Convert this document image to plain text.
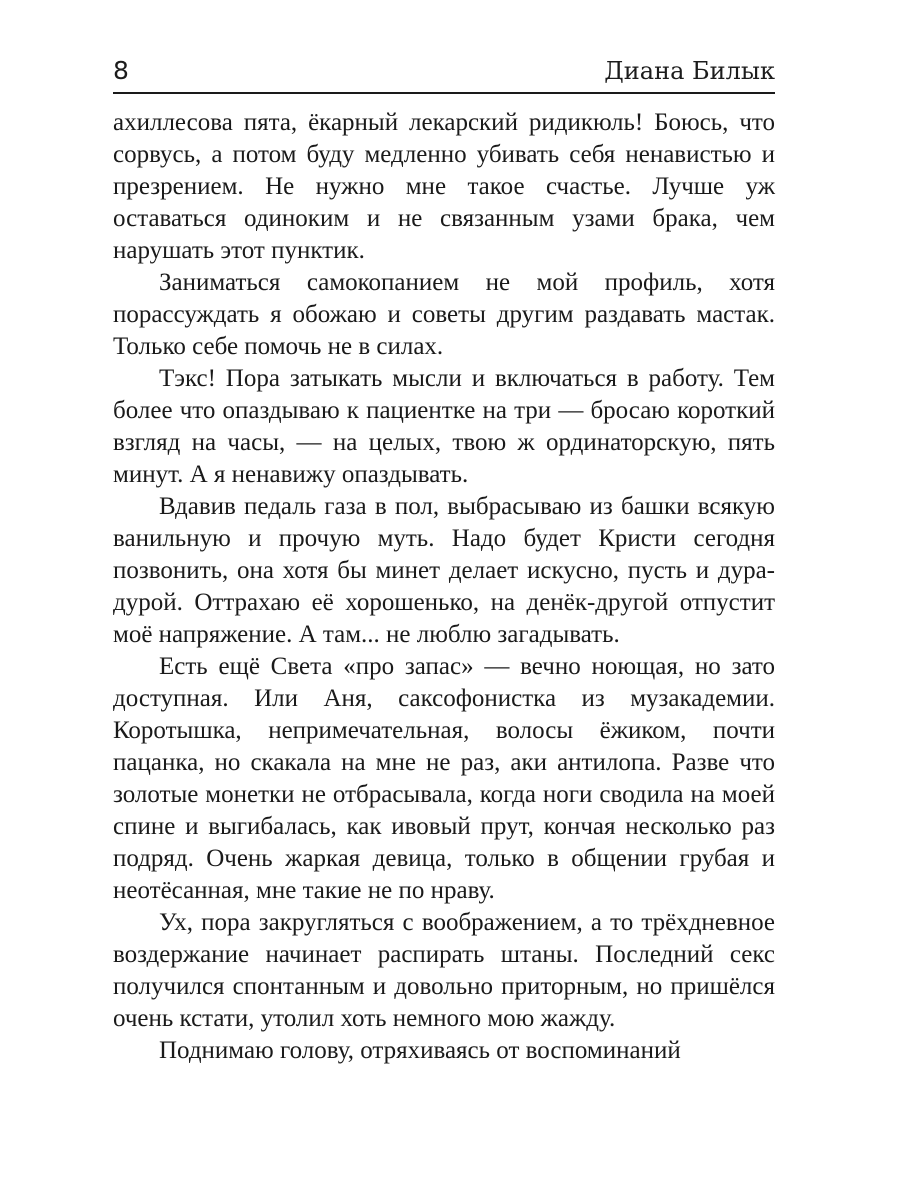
8	Диана Билык

ахиллесова пята, ёкарный лекарский ридикюль! Боюсь, что сорвусь, а потом буду медленно убивать себя ненавистью и презрением. Не нужно мне такое счастье. Лучше уж оставаться одиноким и не связанным узами брака, чем нарушать этот пунктик.

Заниматься самокопанием не мой профиль, хотя порассуждать я обожаю и советы другим раздавать мастак. Только себе помочь не в силах.

Тэкс! Пора затыкать мысли и включаться в работу. Тем более что опаздываю к пациентке на три — бросаю короткий взгляд на часы, — на целых, твою ж ординаторскую, пять минут. А я ненавижу опаздывать.

Вдавив педаль газа в пол, выбрасываю из башки всякую ванильную и прочую муть. Надо будет Кристи сегодня позвонить, она хотя бы минет делает искусно, пусть и дура-дурой. Оттрахаю её хорошенько, на денёк-другой отпустит моё напряжение. А там... не люблю загадывать.

Есть ещё Света «про запас» — вечно ноющая, но зато доступная. Или Аня, саксофонистка из музакадемии. Коротышка, непримечательная, волосы ёжиком, почти пацанка, но скакала на мне не раз, аки антилопа. Разве что золотые монетки не отбрасывала, когда ноги сводила на моей спине и выгибалась, как ивовый прут, кончая несколько раз подряд. Очень жаркая девица, только в общении грубая и неотёсанная, мне такие не по нраву.

Ух, пора закругляться с воображением, а то трёхдневное воздержание начинает распирать штаны. Последний секс получился спонтанным и довольно приторным, но пришёлся очень кстати, утолил хоть немного мою жажду.

Поднимаю голову, отряхиваясь от воспоминаний
